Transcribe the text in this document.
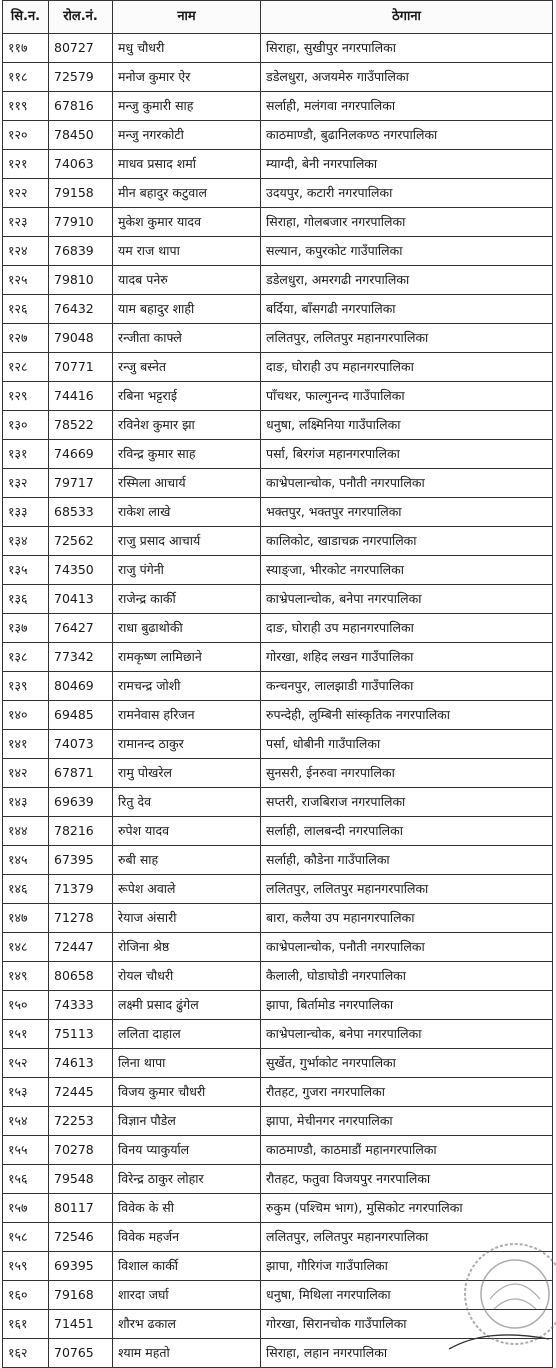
सि.न.	रोल.नं.	नाम	ठेगाना
११७	80727	मधु चौधरी	सिराहा, सुखीपुर नगरपालिका
११८	72579	मनोज कुमार ऐर	डडेलधुरा, अजयमेरु गाउँपालिका
११९	67816	मन्जु कुमारी साह	सर्लाही, मलंगवा नगरपालिका
१२०	78450	मन्जु नगरकोटी	काठमाण्डौ, बुढानिलकण्ठ नगरपालिका
१२१	74063	माधव प्रसाद शर्मा	म्याग्दी, बेनी नगरपालिका
१२२	79158	मीन बहादुर कटुवाल	उदयपुर, कटारी नगरपालिका
१२३	77910	मुकेश कुमार यादव	सिराहा, गोलबजार नगरपालिका
१२४	76839	यम राज थापा	सल्यान, कपुरकोट गाउँपालिका
१२५	79810	यादब पनेरु	डडेलधुरा, अमरगढी नगरपालिका
१२६	76432	याम बहादुर शाही	बर्दिया, बाँसगढी नगरपालिका
१२७	79048	रन्जीता काफ्ले	ललितपुर, ललितपुर महानगरपालिका
१२८	70771	रन्जु बस्नेत	दाङ, घोराही उप महानगरपालिका
१२९	74416	रबिना भट्टराई	पाँचथर, फाल्गुनन्द गाउँपालिका
१३०	78522	रविनेश कुमार झा	धनुषा, लक्ष्मिनिया गाउँपालिका
१३१	74669	रविन्द्र कुमार साह	पर्सा, बिरगंज महानगरपालिका
१३२	79717	रस्मिला आचार्य	काभ्रेपलान्चोक, पनौती नगरपालिका
१३३	68533	राकेश लाखे	भक्तपुर, भक्तपुर नगरपालिका
१३४	72562	राजु प्रसाद आचार्य	कालिकोट, खाडाचक्र नगरपालिका
१३५	74350	राजु पंगेनी	स्याङ्जा, भीरकोट नगरपालिका
१३६	70413	राजेन्द्र कार्की	काभ्रेपलान्चोक, बनेपा नगरपालिका
१३७	76427	राधा बुढाथोकी	दाङ, घोराही उप महानगरपालिका
१३८	77342	रामकृष्ण लामिछाने	गोरखा, शहिद लखन गाउँपालिका
१३९	80469	रामचन्द्र जोशी	कन्चनपुर, लालझाडी गाउँपालिका
१४०	69485	रामनेवास हरिजन	रुपन्देही, लुम्बिनी सांस्कृतिक नगरपालिका
१४१	74073	रामानन्द ठाकुर	पर्सा, धोबीनी गाउँपालिका
१४२	67871	रामु पोखरेल	सुनसरी, ईनरुवा नगरपालिका
१४३	69639	रितु देव	सप्तरी, राजबिराज नगरपालिका
१४४	78216	रुपेश यादव	सर्लाही, लालबन्दी नगरपालिका
१४५	67395	रुबी साह	सर्लाही, कौडेना गाउँपालिका
१४६	71379	रूपेश अवाले	ललितपुर, ललितपुर महानगरपालिका
१४७	71278	रेयाज अंसारी	बारा, कलैया उप महानगरपालिका
१४८	72447	रोजिना श्रेष्ठ	काभ्रेपलान्चोक, पनौती नगरपालिका
१४९	80658	रोयल चौधरी	कैलाली, घोडाघोडी नगरपालिका
१५०	74333	लक्ष्मी प्रसाद ढुंगेल	झापा, बिर्तामोड नगरपालिका
१५१	75113	ललिता दाहाल	काभ्रेपलान्चोक, बनेपा नगरपालिका
१५२	74613	लिना थापा	सुर्खेत, गुर्भाकोट नगरपालिका
१५३	72445	विजय कुमार चौधरी	रौतहट, गुजरा नगरपालिका
१५४	72253	विज्ञान पौडेल	झापा, मेचीनगर नगरपालिका
१५५	70278	विनय प्याकुर्याल	काठमाण्डौ, काठमाडौं महानगरपालिका
१५६	79548	विरेन्द्र ठाकुर लोहार	रौतहट, फतुवा विजयपुर नगरपालिका
१५७	80117	विवेक के सी	रुकुम (पश्चिम भाग), मुसिकोट नगरपालिका
१५८	72546	विवेक महर्जन	ललितपुर, ललितपुर महानगरपालिका
१५९	69395	विशाल कार्की	झापा, गौरिगंज गाउँपालिका
१६०	79168	शारदा जर्घा	धनुषा, मिथिला नगरपालिका
१६१	71451	शौरभ ढकाल	गोरखा, सिरानचोक गाउँपालिका
१६२	70765	श्याम महतो	सिराहा, लहान नगरपालिका
